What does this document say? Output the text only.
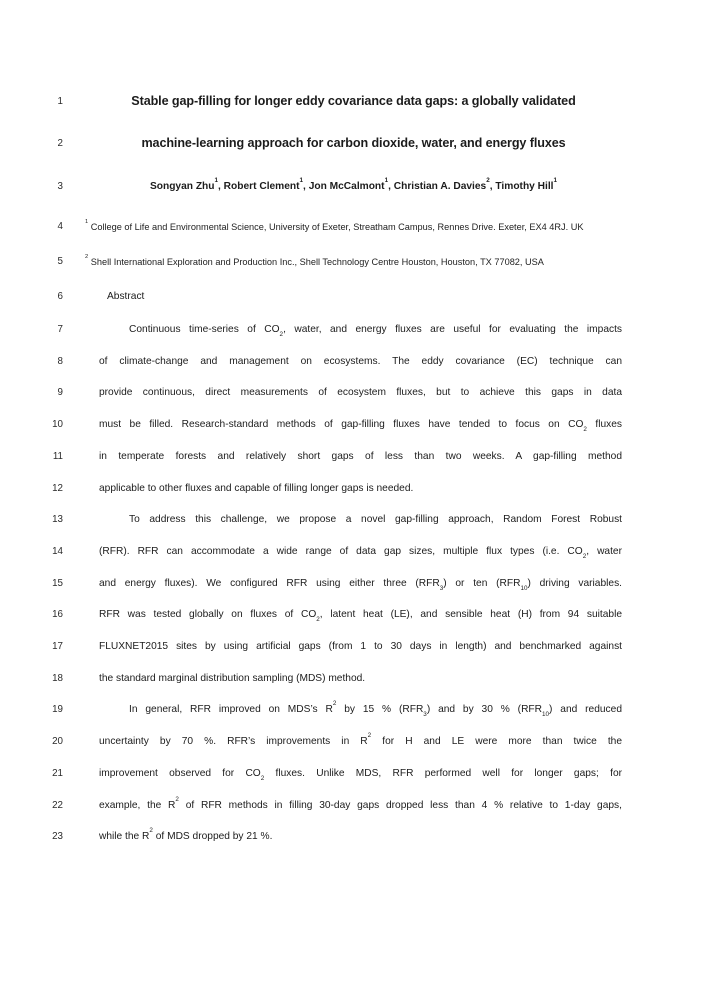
1	Stable gap-filling for longer eddy covariance data gaps: a globally validated
2	machine-learning approach for carbon dioxide, water, and energy fluxes
3	Songyan Zhu$^1$, Robert Clement$^1$, Jon McCalmont$^1$, Christian A. Davies$^2$, Timothy Hill$^1$
4	$^1$ College of Life and Environmental Science, University of Exeter, Streatham Campus, Rennes Drive. Exeter, EX4 4RJ. UK
5	$^2$ Shell International Exploration and Production Inc., Shell Technology Centre Houston, Houston, TX 77082, USA
6	Abstract
7	Continuous time-series of $CO_2$, water, and energy fluxes are useful for evaluating the impacts
8	of climate-change and management on ecosystems. The eddy covariance (EC) technique can
9	provide continuous, direct measurements of ecosystem fluxes, but to achieve this gaps in data
10	must be filled. Research-standard methods of gap-filling fluxes have tended to focus on $CO_2$ fluxes
11	in temperate forests and relatively short gaps of less than two weeks. A gap-filling method
12	applicable to other fluxes and capable of filling longer gaps is needed.
13	To address this challenge, we propose a novel gap-filling approach, Random Forest Robust
14	(RFR). RFR can accommodate a wide range of data gap sizes, multiple flux types (i.e. $CO_2$, water
15	and energy fluxes). We configured RFR using either three $(RFR_3)$ or ten $(RFR_{10})$ driving variables.
16	RFR was tested globally on fluxes of $CO_2$, latent heat (LE), and sensible heat (H) from 94 suitable
17	FLUXNET2015 sites by using artificial gaps (from 1 to 30 days in length) and benchmarked against
18	the standard marginal distribution sampling (MDS) method.
19	In general, RFR improved on MDS’s $R^2$ by 15 % $(RFR_3)$ and by 30 % $(RFR_{10})$ and reduced
20	uncertainty by 70 %. RFR’s improvements in $R^2$ for H and LE were more than twice the
21	improvement observed for $CO_2$ fluxes. Unlike MDS, RFR performed well for longer gaps; for
22	example, the $R^2$ of RFR methods in filling 30-day gaps dropped less than 4 % relative to 1-day gaps,
23	while the $R^2$ of MDS dropped by 21 %.
